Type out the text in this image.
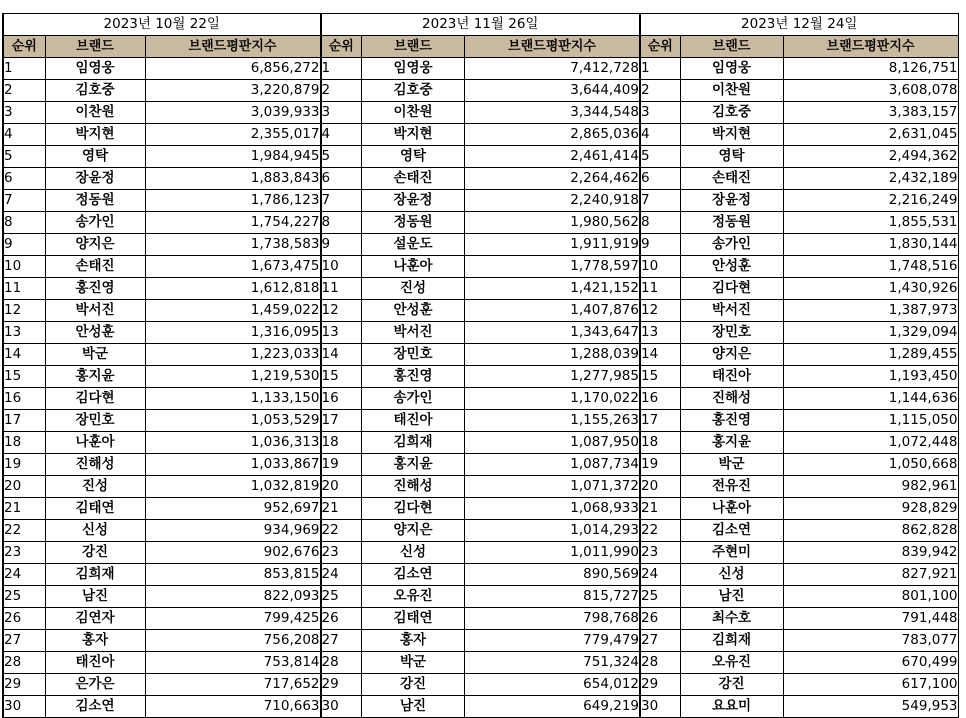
2023년 10월 22일		
순위	브랜드	브랜드평판지수
1	임영웅	6,856,272
2	김호중	3,220,879
3	이찬원	3,039,933
4	박지현	2,355,017
5	영탁	1,984,945
6	장윤정	1,883,843
7	정동원	1,786,123
8	송가인	1,754,227
9	양지은	1,738,583
10	손태진	1,673,475
11	홍진영	1,612,818
12	박서진	1,459,022
13	안성훈	1,316,095
14	박군	1,223,033
15	홍지윤	1,219,530
16	김다현	1,133,150
17	장민호	1,053,529
18	나훈아	1,036,313
19	진해성	1,033,867
20	진성	1,032,819
21	김태연	952,697
22	신성	934,969
23	강진	902,676
24	김희재	853,815
25	남진	822,093
26	김연자	799,425
27	홍자	756,208
28	태진아	753,814
29	은가은	717,652
30	김소연	710,663
2023년 11월 26일		
순위	브랜드	브랜드평판지수
1	임영웅	7,412,728
2	김호중	3,644,409
3	이찬원	3,344,548
4	박지현	2,865,036
5	영탁	2,461,414
6	손태진	2,264,462
7	장윤정	2,240,918
8	정동원	1,980,562
9	설운도	1,911,919
10	나훈아	1,778,597
11	진성	1,421,152
12	안성훈	1,407,876
13	박서진	1,343,647
14	장민호	1,288,039
15	홍진영	1,277,985
16	송가인	1,170,022
17	태진아	1,155,263
18	김희재	1,087,950
19	홍지윤	1,087,734
20	진해성	1,071,372
21	김다현	1,068,933
22	양지은	1,014,293
23	신성	1,011,990
24	김소연	890,569
25	오유진	815,727
26	김태연	798,768
27	홍자	779,479
28	박군	751,324
29	강진	654,012
30	남진	649,219
2023년 12월 24일		
순위	브랜드	브랜드평판지수
1	임영웅	8,126,751
2	이찬원	3,608,078
3	김호중	3,383,157
4	박지현	2,631,045
5	영탁	2,494,362
6	손태진	2,432,189
7	장윤정	2,216,249
8	정동원	1,855,531
9	송가인	1,830,144
10	안성훈	1,748,516
11	김다현	1,430,926
12	박서진	1,387,973
13	장민호	1,329,094
14	양지은	1,289,455
15	태진아	1,193,450
16	진해성	1,144,636
17	홍진영	1,115,050
18	홍지윤	1,072,448
19	박군	1,050,668
20	전유진	982,961
21	나훈아	928,829
22	김소연	862,828
23	주현미	839,942
24	신성	827,921
25	남진	801,100
26	최수호	791,448
27	김희재	783,077
28	오유진	670,499
29	강진	617,100
30	요요미	549,953
